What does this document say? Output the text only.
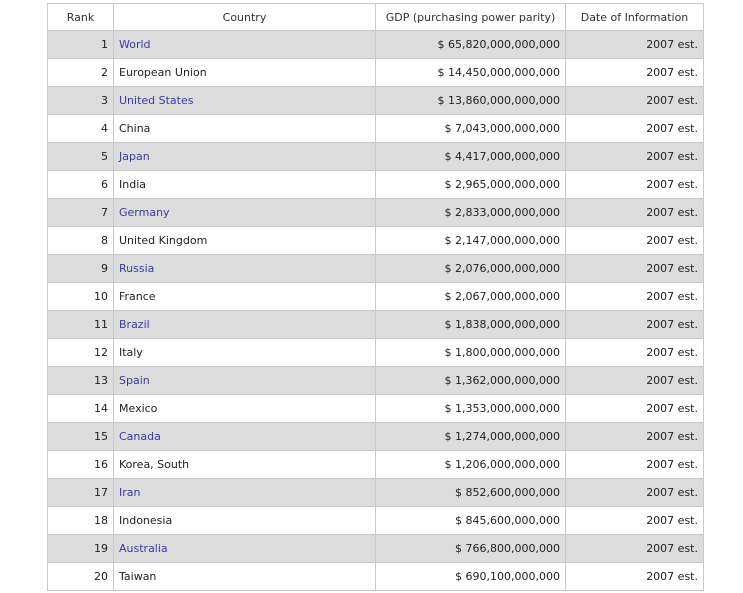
Rank	Country	GDP (purchasing power parity)	Date of Information
1	World	$ 65,820,000,000,000	2007 est.
2	European Union	$ 14,450,000,000,000	2007 est.
3	United States	$ 13,860,000,000,000	2007 est.
4	China	$ 7,043,000,000,000	2007 est.
5	Japan	$ 4,417,000,000,000	2007 est.
6	India	$ 2,965,000,000,000	2007 est.
7	Germany	$ 2,833,000,000,000	2007 est.
8	United Kingdom	$ 2,147,000,000,000	2007 est.
9	Russia	$ 2,076,000,000,000	2007 est.
10	France	$ 2,067,000,000,000	2007 est.
11	Brazil	$ 1,838,000,000,000	2007 est.
12	Italy	$ 1,800,000,000,000	2007 est.
13	Spain	$ 1,362,000,000,000	2007 est.
14	Mexico	$ 1,353,000,000,000	2007 est.
15	Canada	$ 1,274,000,000,000	2007 est.
16	Korea, South	$ 1,206,000,000,000	2007 est.
17	Iran	$ 852,600,000,000	2007 est.
18	Indonesia	$ 845,600,000,000	2007 est.
19	Australia	$ 766,800,000,000	2007 est.
20	Taiwan	$ 690,100,000,000	2007 est.
